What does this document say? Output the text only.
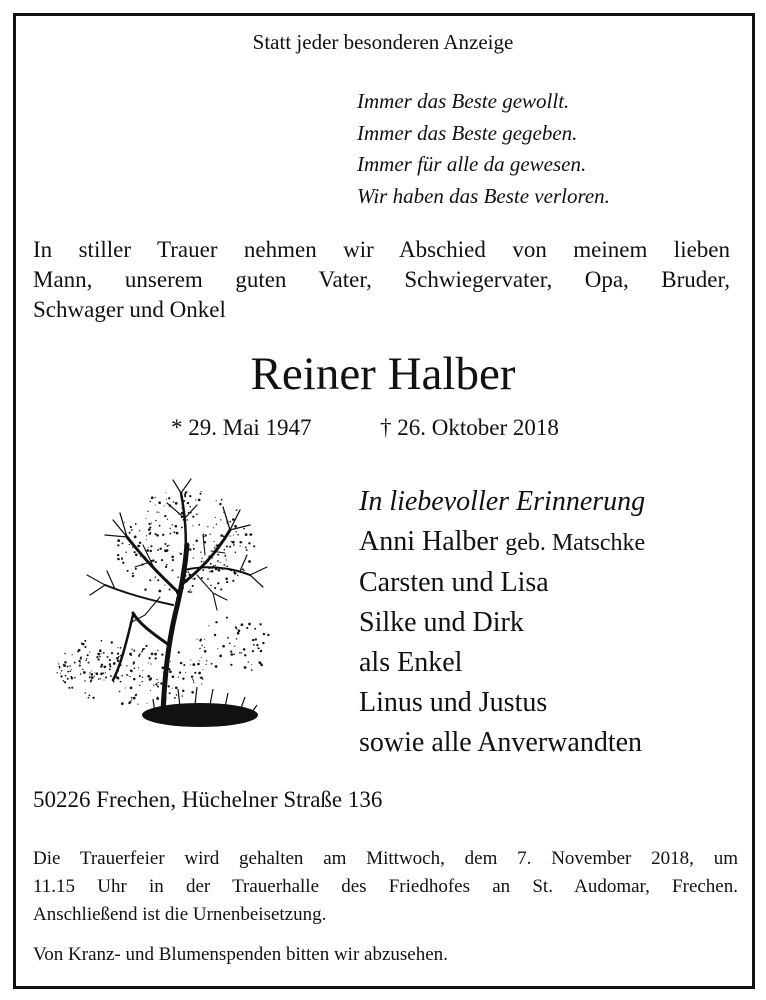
Statt jeder besonderen Anzeige
Immer das Beste gewollt.
Immer das Beste gegeben.
Immer für alle da gewesen.
Wir haben das Beste verloren.
In stiller Trauer nehmen wir Abschied von meinem lieben
Mann, unserem guten Vater, Schwiegervater, Opa, Bruder,
Schwager und Onkel
Reiner Halber
* 29. Mai 1947	† 26. Oktober 2018
In liebevoller Erinnerung
Anni Halber geb. Matschke
Carsten und Lisa
Silke und Dirk
als Enkel
Linus und Justus
sowie alle Anverwandten
50226 Frechen, Hüchelner Straße 136
Die Trauerfeier wird gehalten am Mittwoch, dem 7. November 2018, um
11.15 Uhr in der Trauerhalle des Friedhofes an St. Audomar, Frechen.
Anschließend ist die Urnenbeisetzung.
Von Kranz- und Blumenspenden bitten wir abzusehen.
